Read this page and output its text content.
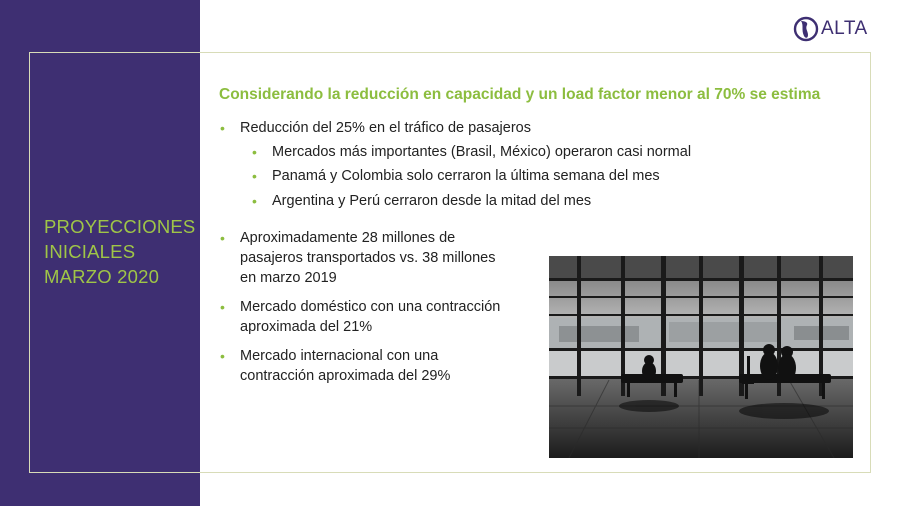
PROYECCIONES
INICIALES
MARZO 2020
ALTA
Considerando la reducción en capacidad y un load factor menor al 70% se estima
• Reducción del 25% en el tráfico de pasajeros
• Mercados más importantes (Brasil, México) operaron casi normal
• Panamá y Colombia solo cerraron la última semana del mes
• Argentina y Perú cerraron desde la mitad del mes
• Aproximadamente 28 millones de
pasajeros transportados vs. 38 millones
en marzo 2019
• Mercado doméstico con una contracción
aproximada del 21%
• Mercado internacional con una
contracción aproximada del 29%
